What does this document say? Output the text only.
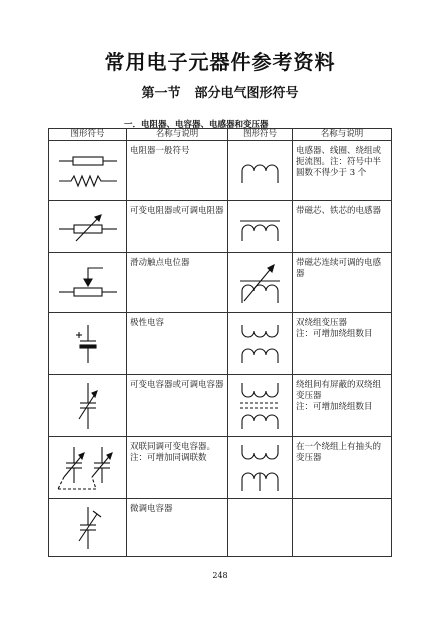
常用电子元器件参考资料
第一节 部分电气图形符号
一．电阻器、电容器、电感器和变压器
图形符号	名称与说明	图形符号	名称与说明

电阻器一般符号		电感器、线圈、绕组或扼流图。注：符号中半圆数不得少于 3 个

可变电阻器或可调电阻器		带磁芯、铁芯的电感器

滑动触点电位器		带磁芯连续可调的电感器

极性电容		双绕组变压器
注：可增加绕组数目

可变电容器或可调电容器		绕组间有屏蔽的双绕组变压器
注：可增加绕组数目

双联同调可变电容器。
注：可增加同调联数		在一个绕组上有抽头的变压器

微调电容器		

248
